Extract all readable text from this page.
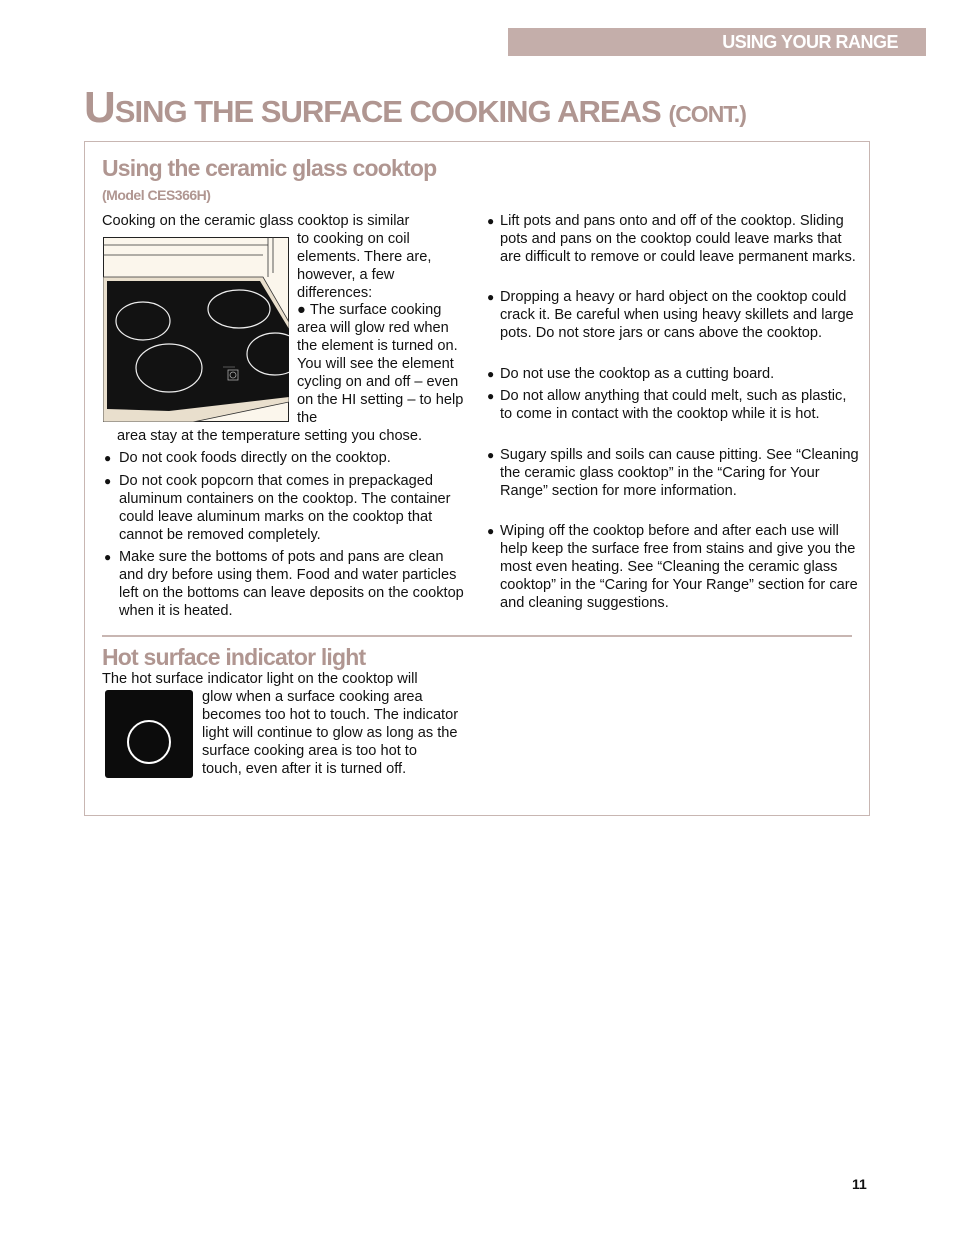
USING YOUR RANGE
USING THE SURFACE COOKING AREAS (CONT.)
Using the ceramic glass cooktop
(Model CES366H)

Cooking on the ceramic glass cooktop is similar

to cooking on coil elements. There are, however, a few differences:

● The surface cooking area will glow red when the element is turned on. You will see the element cycling on and off – even on the HI setting – to help the

area stay at the temperature setting you chose.

● Do not cook foods directly on the cooktop.
● Do not cook popcorn that comes in prepackaged aluminum containers on the cooktop. The container could leave aluminum marks on the cooktop that cannot be removed completely.
● Make sure the bottoms of pots and pans are clean and dry before using them. Food and water particles left on the bottoms can leave deposits on the cooktop when it is heated.
● Lift pots and pans onto and off of the cooktop. Sliding pots and pans on the cooktop could leave marks that are difficult to remove or could leave permanent marks.
● Dropping a heavy or hard object on the cooktop could crack it. Be careful when using heavy skillets and large pots. Do not store jars or cans above the cooktop.
● Do not use the cooktop as a cutting board.
● Do not allow anything that could melt, such as plastic, to come in contact with the cooktop while it is hot.
● Sugary spills and soils can cause pitting. See “Cleaning the ceramic glass cooktop” in the “Caring for Your Range” section for more information.
● Wiping off the cooktop before and after each use will help keep the surface free from stains and give you the most even heating. See “Cleaning the ceramic glass cooktop” in the “Caring for Your Range” section for care and cleaning suggestions.
Hot surface indicator light

The hot surface indicator light on the cooktop will

glow when a surface cooking area becomes too hot to touch. The indicator light will continue to glow as long as the surface cooking area is too hot to touch, even after it is turned off.

11
